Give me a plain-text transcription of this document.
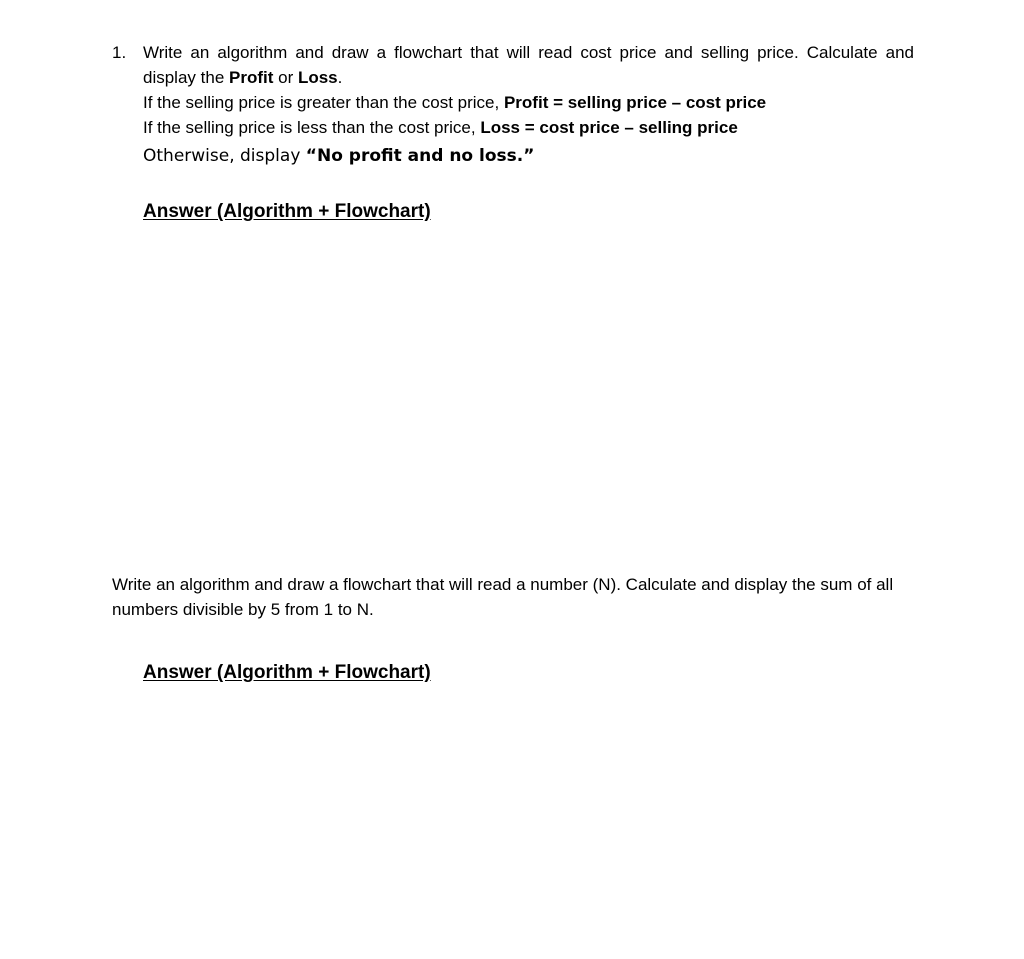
1. Write an algorithm and draw a flowchart that will read cost price and selling price. Calculate and display the Profit or Loss.
If the selling price is greater than the cost price, Profit = selling price – cost price
If the selling price is less than the cost price, Loss = cost price – selling price
Otherwise, display “No profit and no loss.”
Answer (Algorithm + Flowchart)
Write an algorithm and draw a flowchart that will read a number (N). Calculate and display the sum of all numbers divisible by 5 from 1 to N.
Answer (Algorithm + Flowchart)
